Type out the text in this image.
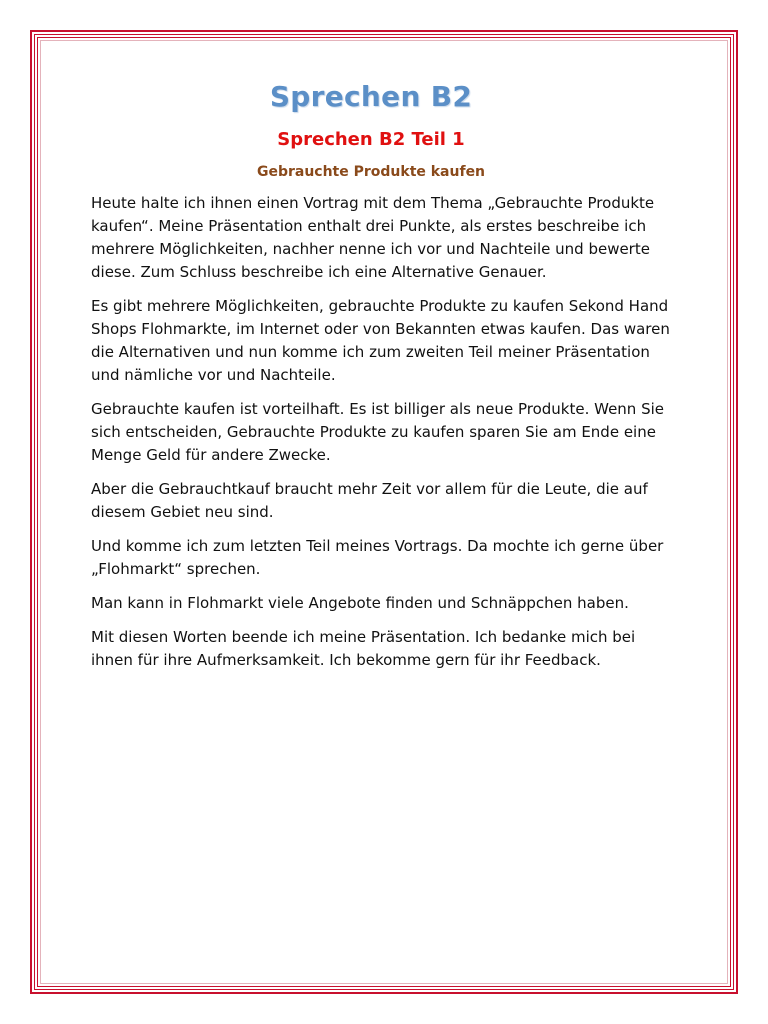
Sprechen B2
Sprechen B2 Teil 1
Gebrauchte Produkte kaufen

Heute halte ich ihnen einen Vortrag mit dem Thema „Gebrauchte Produkte kaufen“. Meine Präsentation enthalt drei Punkte, als erstes beschreibe ich mehrere Möglichkeiten, nachher nenne ich vor und Nachteile und bewerte diese. Zum Schluss beschreibe ich eine Alternative Genauer.

Es gibt mehrere Möglichkeiten, gebrauchte Produkte zu kaufen Sekond Hand Shops Flohmarkte, im Internet oder von Bekannten etwas kaufen. Das waren die Alternativen und nun komme ich zum zweiten Teil meiner Präsentation und nämliche vor und Nachteile.

Gebrauchte kaufen ist vorteilhaft. Es ist billiger als neue Produkte. Wenn Sie sich entscheiden, Gebrauchte Produkte zu kaufen sparen Sie am Ende eine Menge Geld für andere Zwecke.

Aber die Gebrauchtkauf braucht mehr Zeit vor allem für die Leute, die auf diesem Gebiet neu sind.

Und komme ich zum letzten Teil meines Vortrags. Da mochte ich gerne über „Flohmarkt“ sprechen.

Man kann in Flohmarkt viele Angebote finden und Schnäppchen haben.

Mit diesen Worten beende ich meine Präsentation. Ich bedanke mich bei ihnen für ihre Aufmerksamkeit. Ich bekomme gern für ihr Feedback.
